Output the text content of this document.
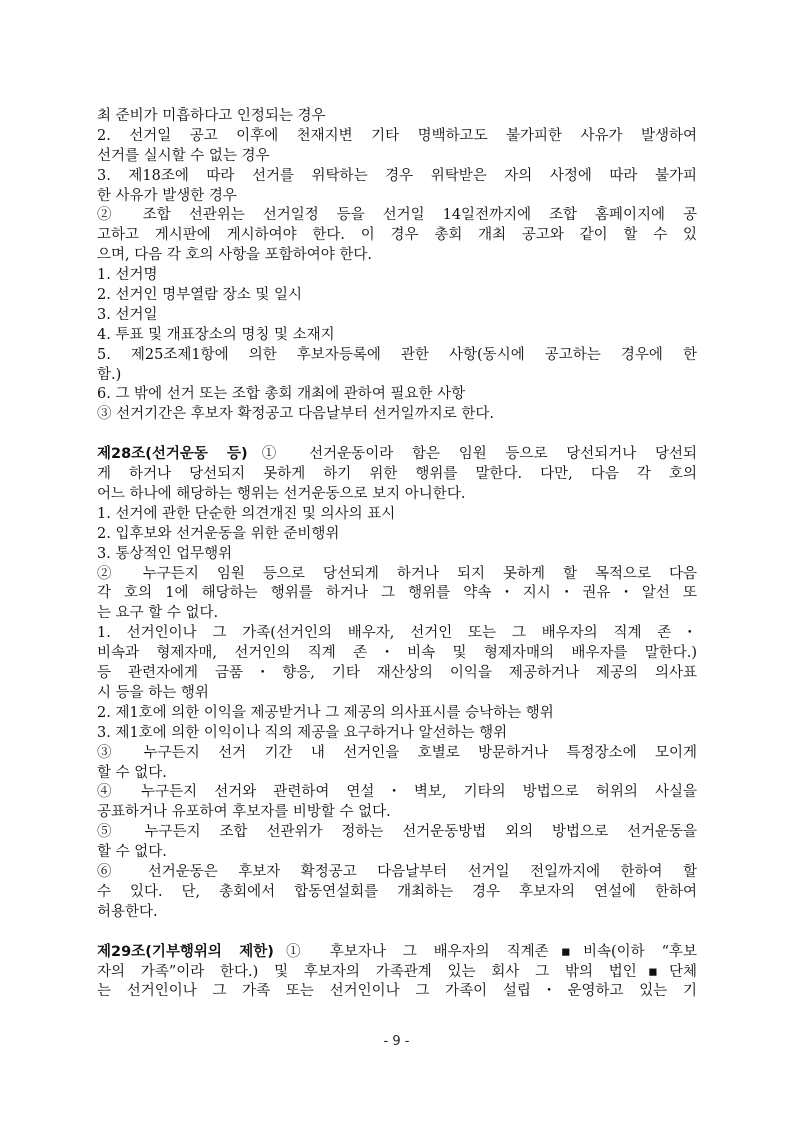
최 준비가 미흡하다고 인정되는 경우
2. 선거일 공고 이후에 천재지변 기타 명백하고도 불가피한 사유가 발생하여
선거를 실시할 수 없는 경우
3. 제18조에 따라 선거를 위탁하는 경우 위탁받은 자의 사정에 따라 불가피
한 사유가 발생한 경우
② 조합 선관위는 선거일정 등을 선거일 14일전까지에 조합 홈페이지에 공
고하고 게시판에 게시하여야 한다. 이 경우 총회 개최 공고와 같이 할 수 있
으며, 다음 각 호의 사항을 포함하여야 한다.
1. 선거명
2. 선거인 명부열람 장소 및 일시
3. 선거일
4. 투표 및 개표장소의 명칭 및 소재지
5. 제25조제1항에 의한 후보자등록에 관한 사항(동시에 공고하는 경우에 한
함.)
6. 그 밖에 선거 또는 조합 총회 개최에 관하여 필요한 사항
③ 선거기간은 후보자 확정공고 다음날부터 선거일까지로 한다.
제28조(선거운동 등)① 선거운동이라 함은 임원 등으로 당선되거나 당선되
게 하거나 당선되지 못하게 하기 위한 행위를 말한다. 다만, 다음 각 호의
어느 하나에 해당하는 행위는 선거운동으로 보지 아니한다.
1. 선거에 관한 단순한 의견개진 및 의사의 표시
2. 입후보와 선거운동을 위한 준비행위
3. 통상적인 업무행위
② 누구든지 임원 등으로 당선되게 하거나 되지 못하게 할 목적으로 다음
각 호의 1에 해당하는 행위를 하거나 그 행위를 약속・지시・권유・알선 또
는 요구 할 수 없다.
1. 선거인이나 그 가족(선거인의 배우자, 선거인 또는 그 배우자의 직계 존・
비속과 형제자매, 선거인의 직계 존・비속 및 형제자매의 배우자를 말한다.)
등 관련자에게 금품・향응, 기타 재산상의 이익을 제공하거나 제공의 의사표
시 등을 하는 행위
2. 제1호에 의한 이익을 제공받거나 그 제공의 의사표시를 승낙하는 행위
3. 제1호에 의한 이익이나 직의 제공을 요구하거나 알선하는 행위
③ 누구든지 선거 기간 내 선거인을 호별로 방문하거나 특정장소에 모이게
할 수 없다.
④ 누구든지 선거와 관련하여 연설・벽보, 기타의 방법으로 허위의 사실을
공표하거나 유포하여 후보자를 비방할 수 없다.
⑤ 누구든지 조합 선관위가 정하는 선거운동방법 외의 방법으로 선거운동을
할 수 없다.
⑥ 선거운동은 후보자 확정공고 다음날부터 선거일 전일까지에 한하여 할
수 있다. 단, 총회에서 합동연설회를 개최하는 경우 후보자의 연설에 한하여
허용한다.
제29조(기부행위의 제한)① 후보자나 그 배우자의 직계존▪비속(이하 “후보
자의 가족”이라 한다.) 및 후보자의 가족관계 있는 회사 그 밖의 법인▪단체
는 선거인이나 그 가족 또는 선거인이나 그 가족이 설립・운영하고 있는 기
- 9 -
